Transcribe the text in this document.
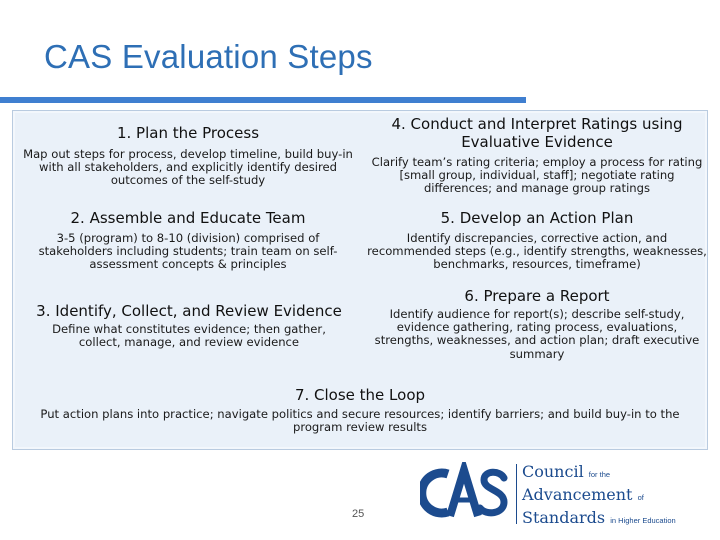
CAS Evaluation Steps
1. Plan the Process
Map out steps for process, develop timeline, build buy-in with all stakeholders, and explicitly identify desired outcomes of the self-study
2. Assemble and Educate Team
3-5 (program) to 8-10 (division) comprised of stakeholders including students; train team on self-assessment concepts & principles
3. Identify, Collect, and Review Evidence
Define what constitutes evidence; then gather, collect, manage, and review evidence
4. Conduct and Interpret Ratings using Evaluative Evidence
Clarify team’s rating criteria; employ a process for rating [small group, individual, staff]; negotiate rating differences; and manage group ratings
5. Develop an Action Plan
Identify discrepancies, corrective action, and recommended steps (e.g., identify strengths, weaknesses, benchmarks, resources, timeframe)
6. Prepare a Report
Identify audience for report(s); describe self-study, evidence gathering, rating process, evaluations, strengths, weaknesses, and action plan; draft executive summary
7. Close the Loop
Put action plans into practice; navigate politics and secure resources; identify barriers; and build buy-in to the program review results
25
Council for the
Advancement of
Standards in Higher Education
